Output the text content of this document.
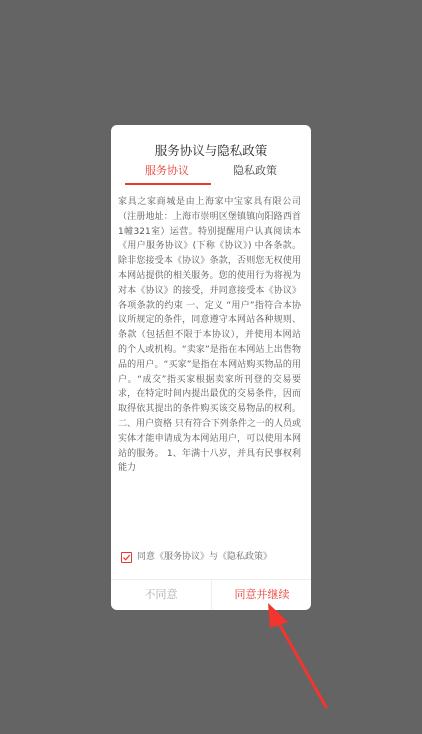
服务协议与隐私政策
服务协议	隐私政策
家具之家商城是由上海家中宝家具有限公司（注册地址：上海市崇明区堡镇镇向阳路西首1幢321室）运营。特别提醒用户认真阅读本《用户服务协议》(下称《协议》) 中各条款。除非您接受本《协议》条款，否则您无权使用本网站提供的相关服务。您的使用行为将视为对本《协议》的接受，并同意接受本《协议》各项条款的约束 一、定义 “用户”指符合本协议所规定的条件，同意遵守本网站各种规则、条款（包括但不限于本协议），并使用本网站的个人或机构。“卖家”是指在本网站上出售物品的用户。“买家”是指在本网站购买物品的用户。“成交”指买家根据卖家所刊登的交易要求，在特定时间内提出最优的交易条件，因而取得依其提出的条件购买该交易物品的权利。 二、用户资格 只有符合下列条件之一的人员或实体才能申请成为本网站用户，可以使用本网站的服务。 1、年满十八岁，并具有民事权利能力
同意《服务协议》与《隐私政策》
不同意	同意并继续
